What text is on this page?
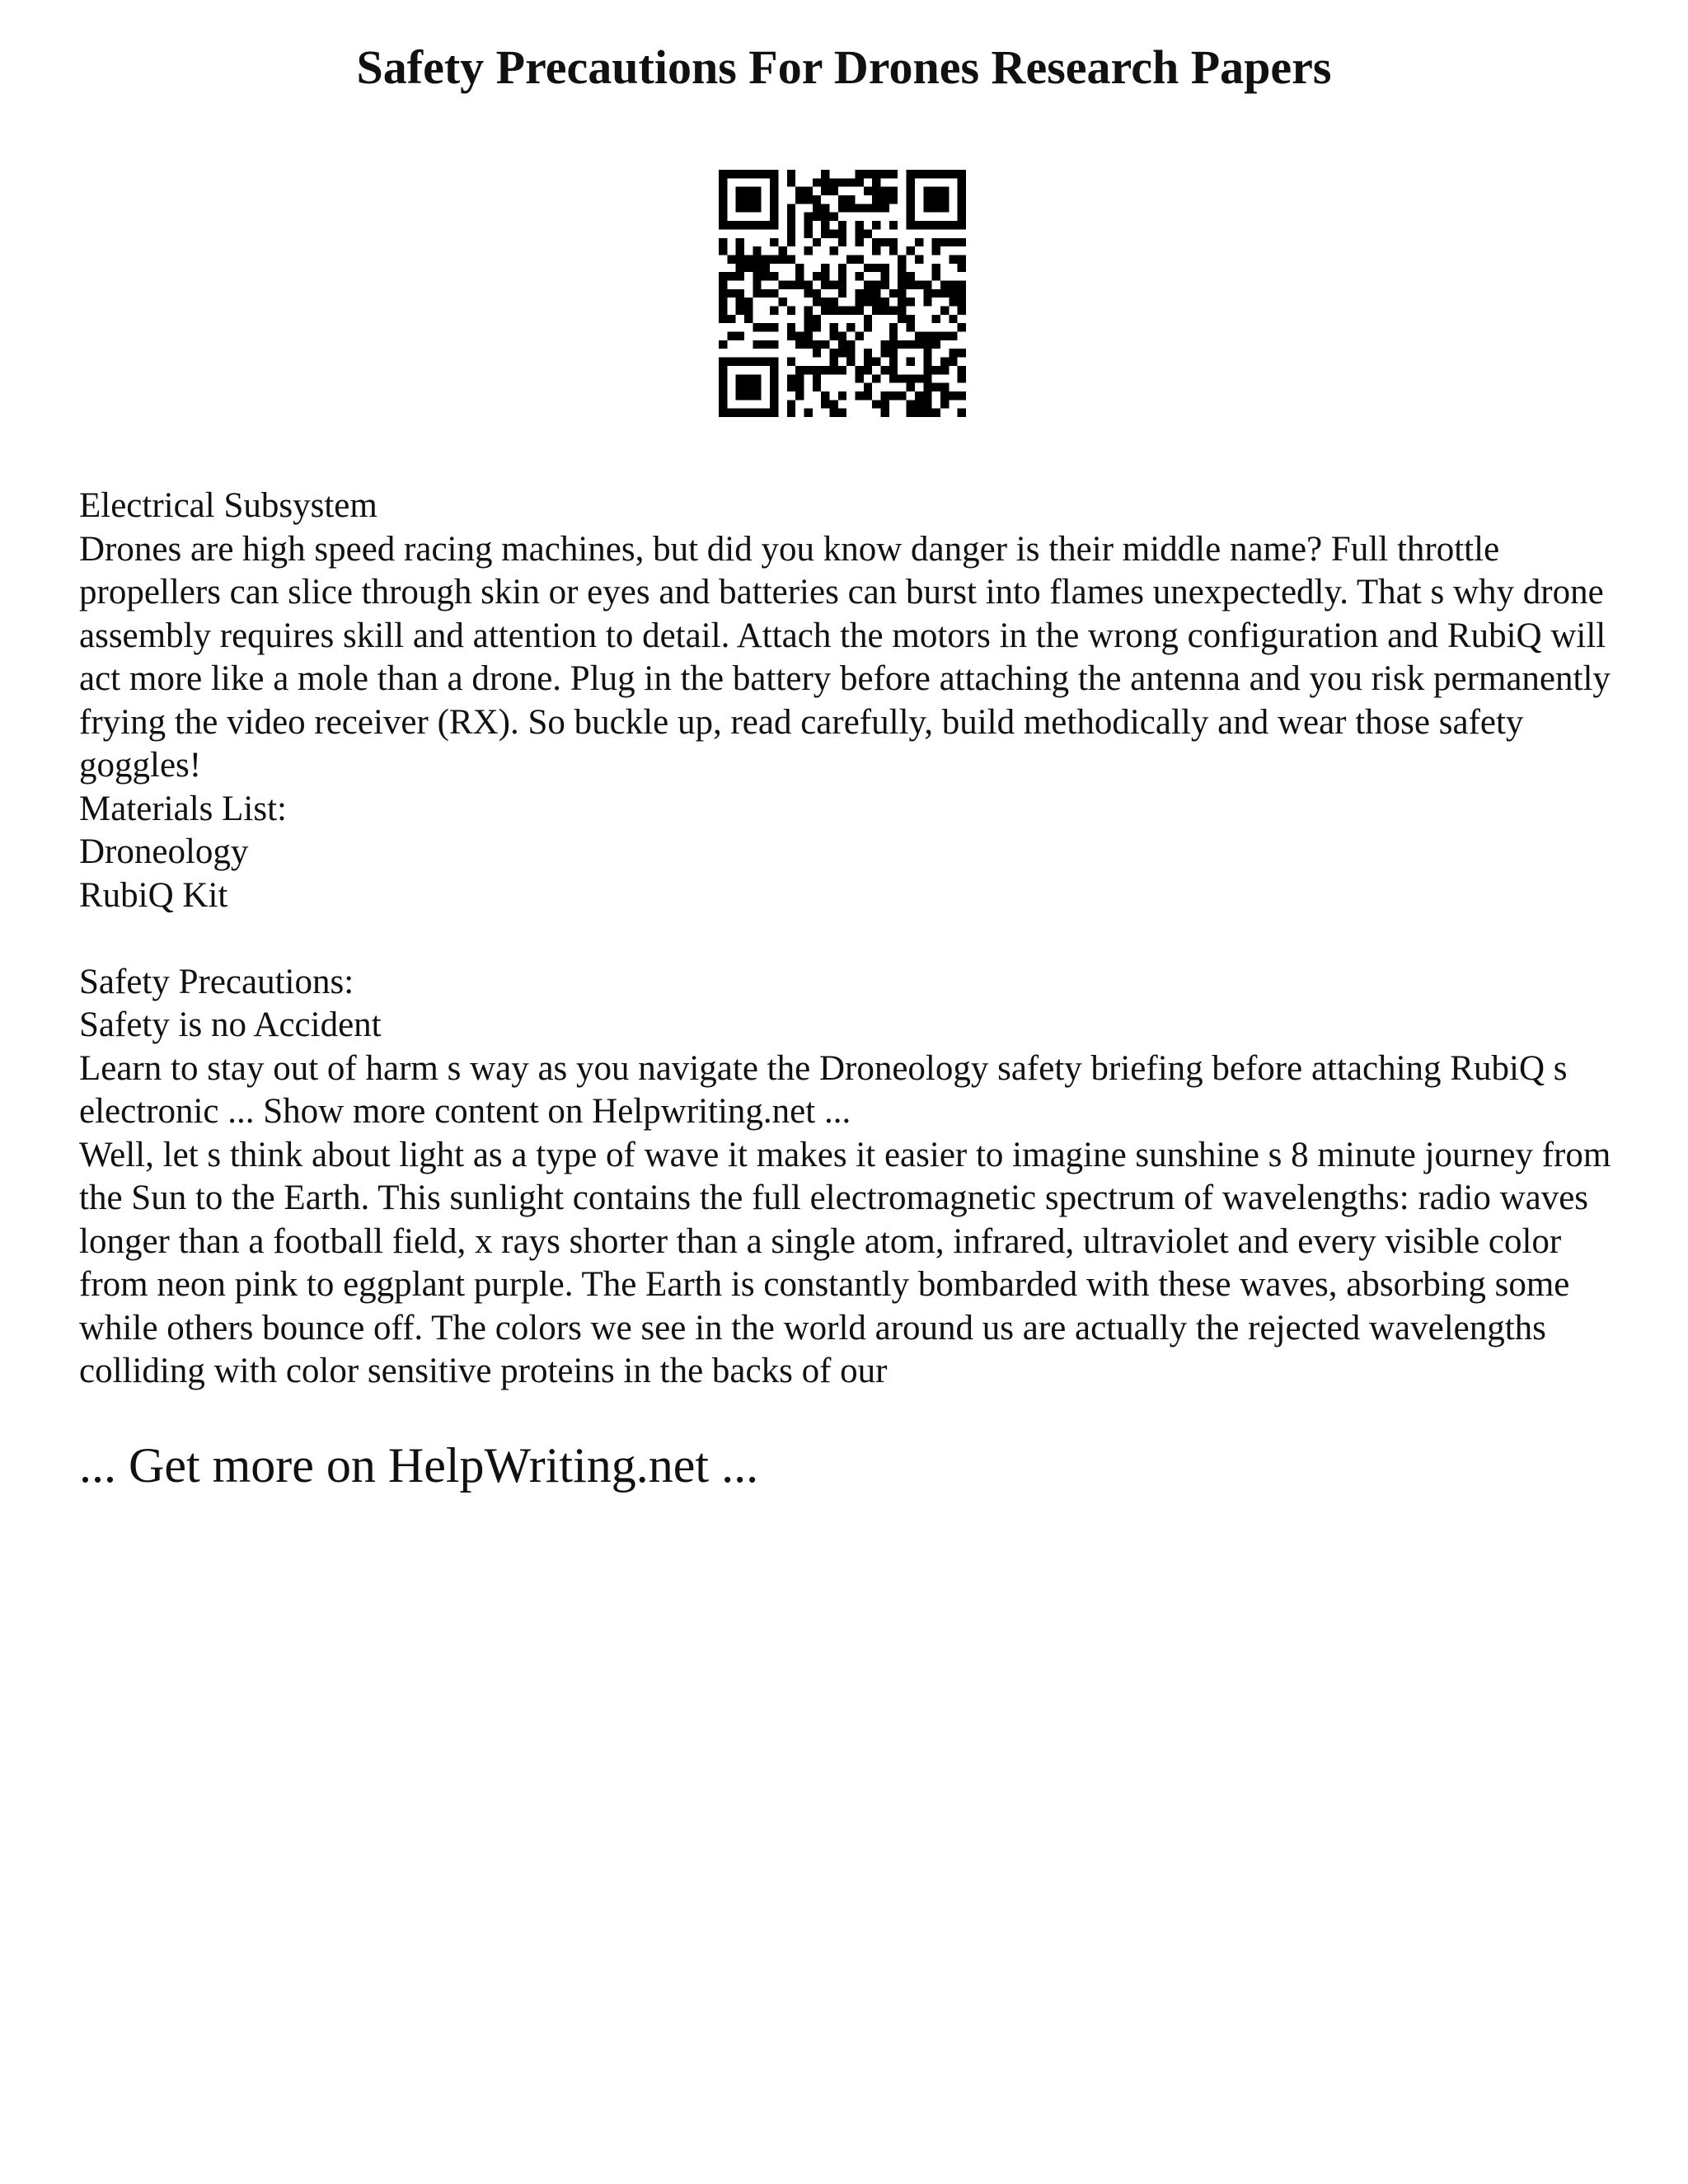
Safety Precautions For Drones Research Papers

Electrical Subsystem

Drones are high speed racing machines, but did you know danger is their middle name? Full throttle propellers can slice through skin or eyes and batteries can burst into flames unexpectedly. That s why drone assembly requires skill and attention to detail. Attach the motors in the wrong configuration and RubiQ will act more like a mole than a drone. Plug in the battery before attaching the antenna and you risk permanently frying the video receiver (RX). So buckle up, read carefully, build methodically and wear those safety goggles!

Materials List:

Droneology

RubiQ Kit

Safety Precautions:

Safety is no Accident

Learn to stay out of harm s way as you navigate the Droneology safety briefing before attaching RubiQ s electronic ... Show more content on Helpwriting.net ...

Well, let s think about light as a type of wave it makes it easier to imagine sunshine s 8 minute journey from the Sun to the Earth. This sunlight contains the full electromagnetic spectrum of wavelengths: radio waves longer than a football field, x rays shorter than a single atom, infrared, ultraviolet and every visible color from neon pink to eggplant purple. The Earth is constantly bombarded with these waves, absorbing some while others bounce off. The colors we see in the world around us are actually the rejected wavelengths colliding with color sensitive proteins in the backs of our

... Get more on HelpWriting.net ...
